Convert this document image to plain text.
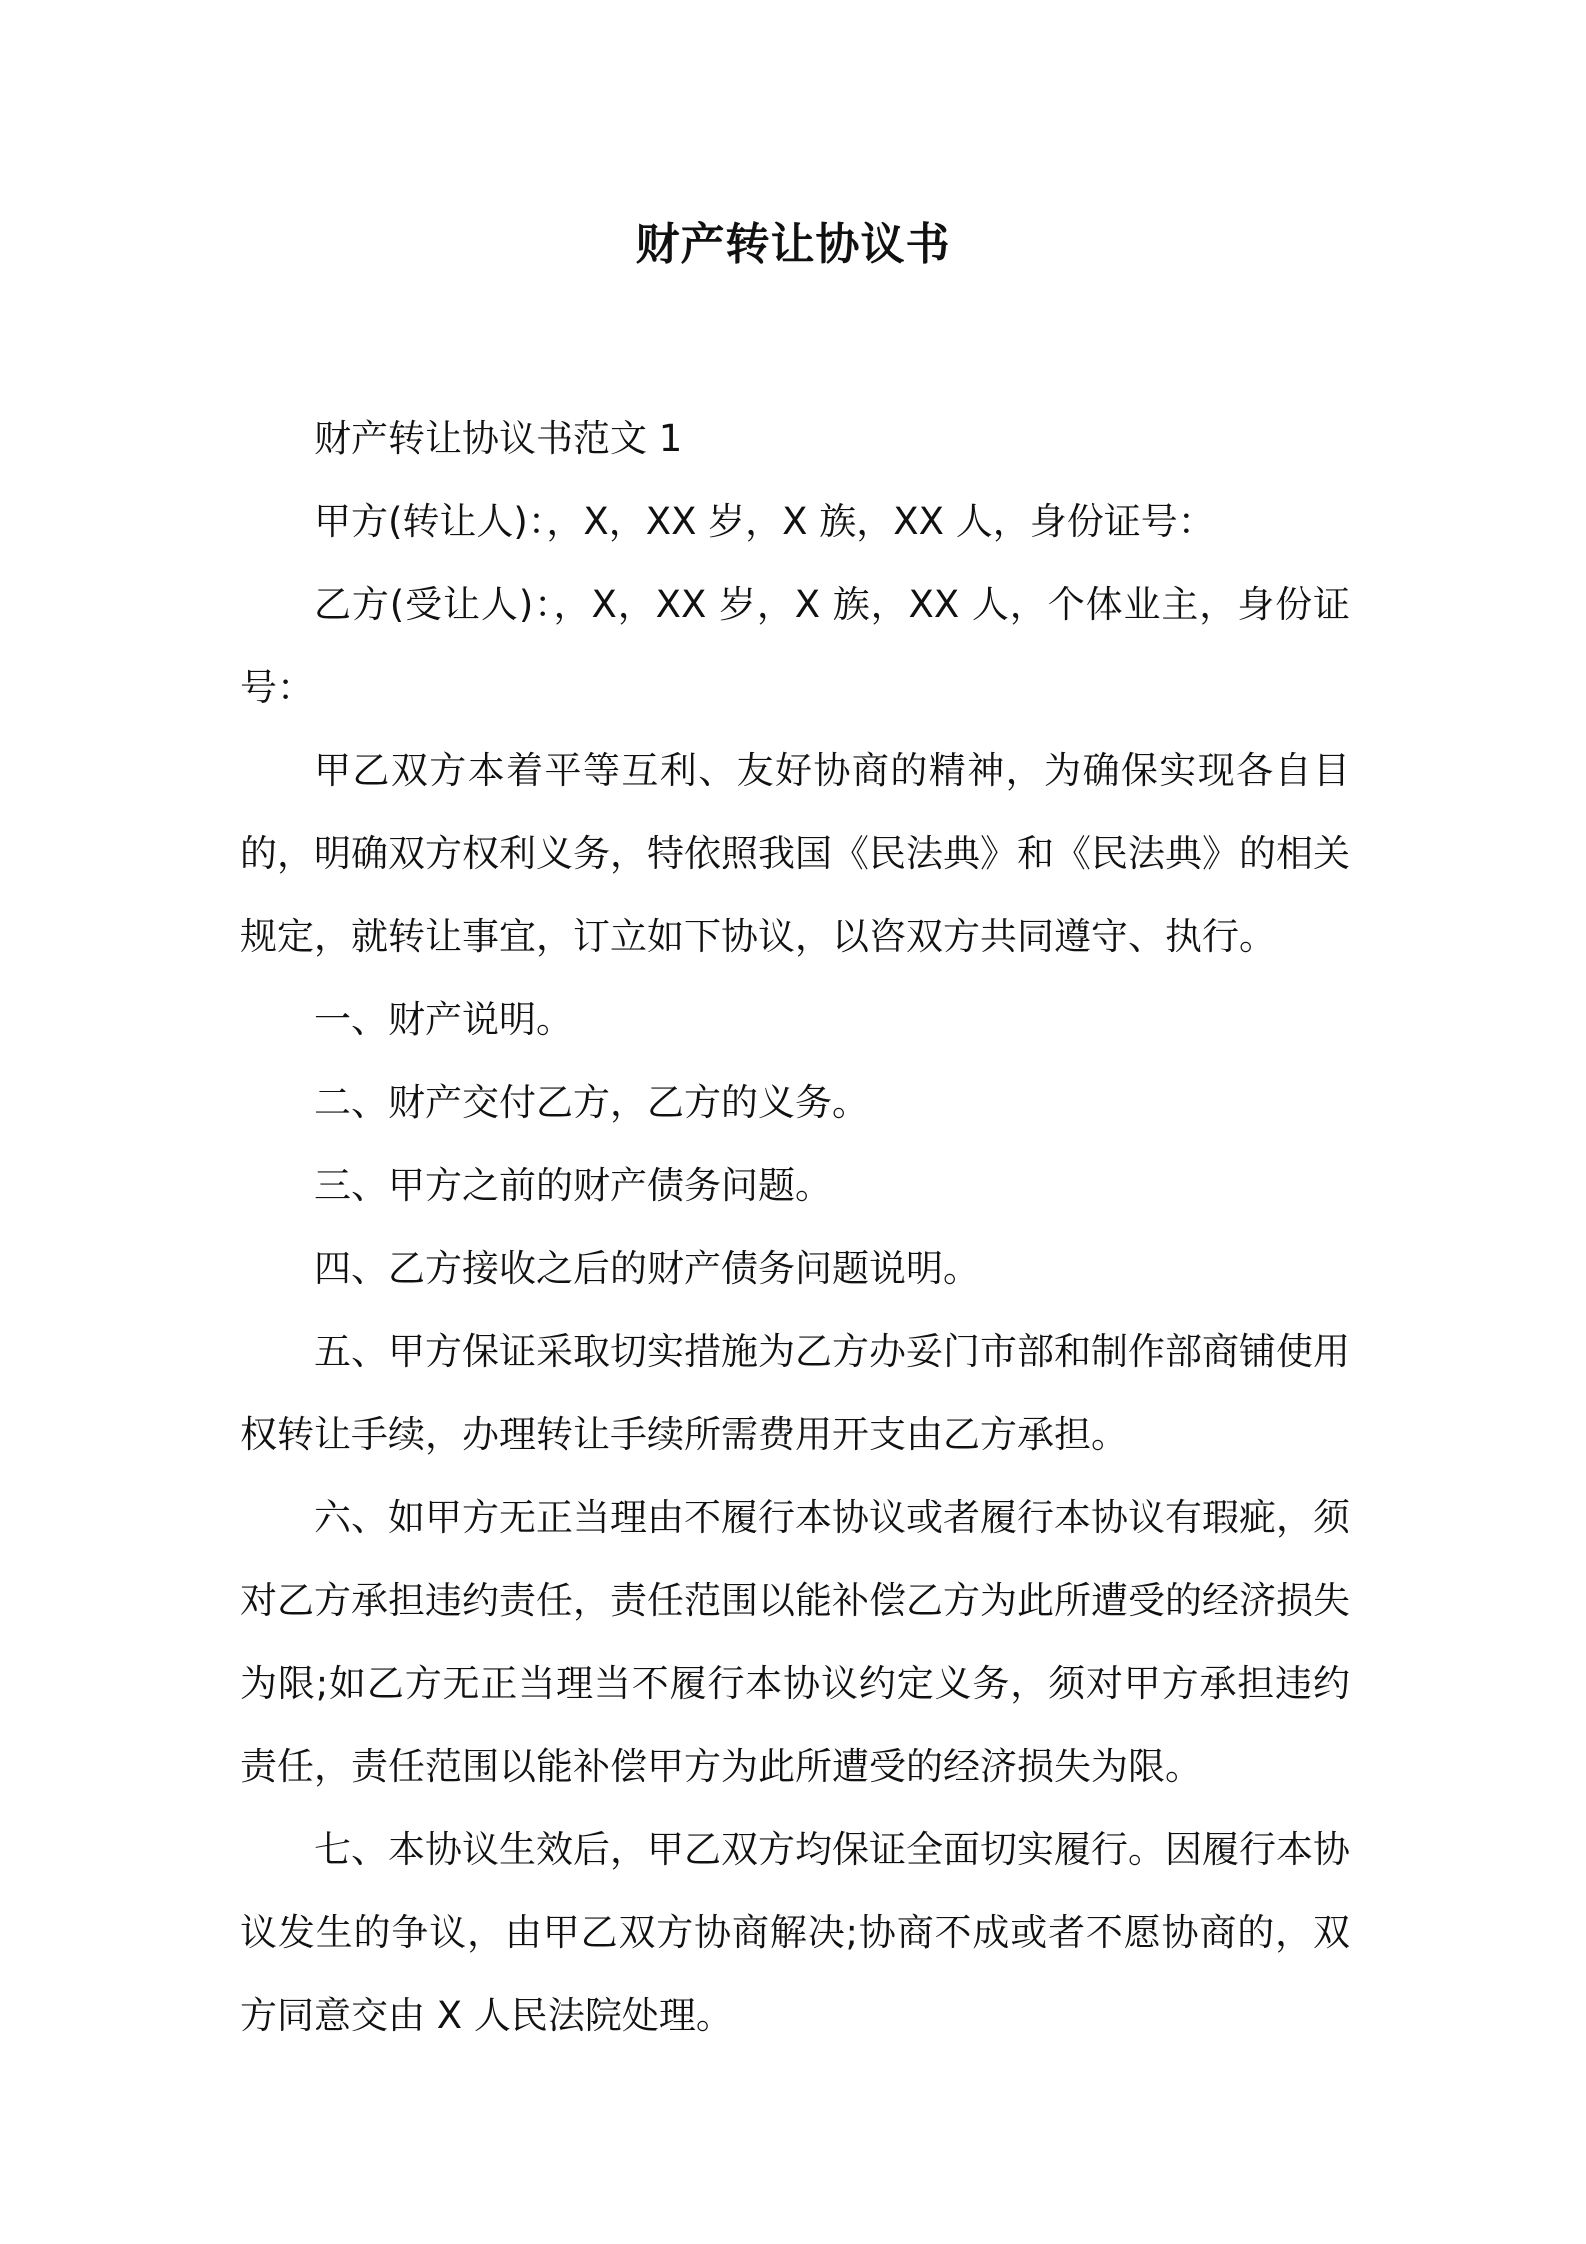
财产转让协议书

财产转让协议书范文 1

甲方(转让人)：，X，XX 岁，X 族，XX 人，身份证号：

乙方(受让人)：，X，XX 岁，X 族，XX 人，个体业主，身份证号：

甲乙双方本着平等互利、友好协商的精神，为确保实现各自目的，明确双方权利义务，特依照我国《民法典》和《民法典》的相关规定，就转让事宜，订立如下协议，以咨双方共同遵守、执行。

一、财产说明。

二、财产交付乙方，乙方的义务。

三、甲方之前的财产债务问题。

四、乙方接收之后的财产债务问题说明。

五、甲方保证采取切实措施为乙方办妥门市部和制作部商铺使用权转让手续，办理转让手续所需费用开支由乙方承担。

六、如甲方无正当理由不履行本协议或者履行本协议有瑕疵，须对乙方承担违约责任，责任范围以能补偿乙方为此所遭受的经济损失为限;如乙方无正当理当不履行本协议约定义务，须对甲方承担违约责任，责任范围以能补偿甲方为此所遭受的经济损失为限。

七、本协议生效后，甲乙双方均保证全面切实履行。因履行本协议发生的争议，由甲乙双方协商解决;协商不成或者不愿协商的，双方同意交由 X 人民法院处理。
